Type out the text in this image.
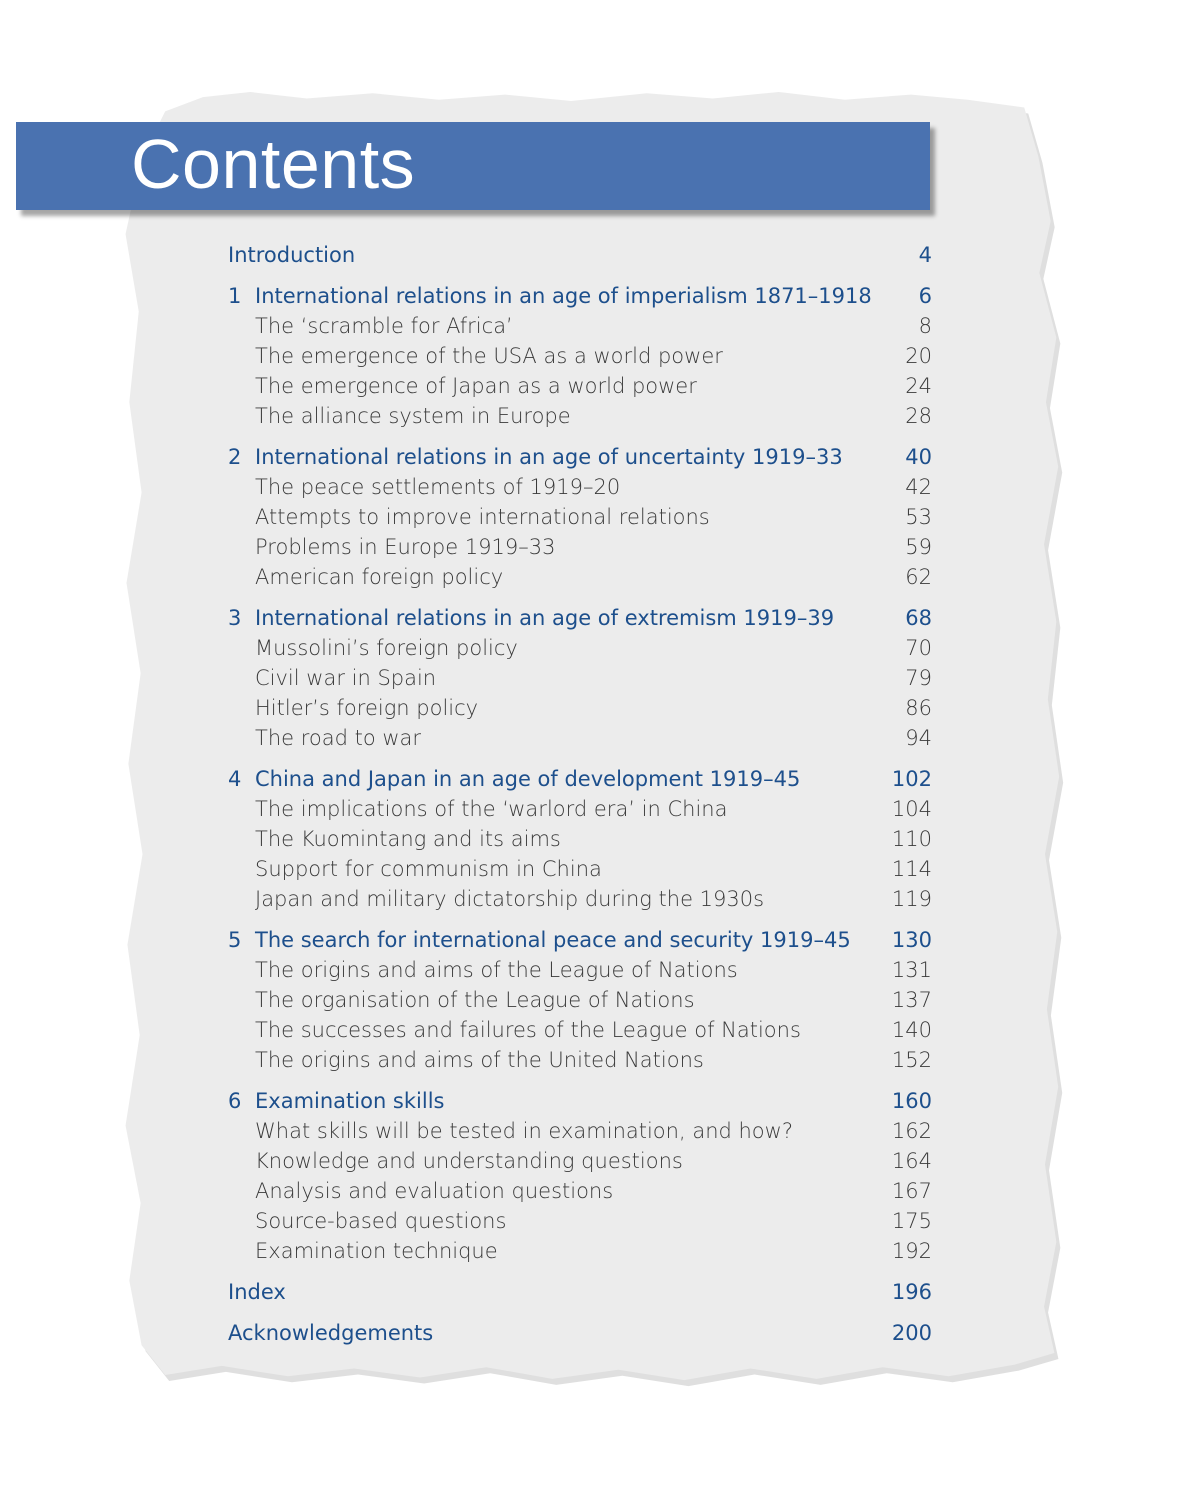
Contents
Introduction	4
1 International relations in an age of imperialism 1871–1918 6
The ‘scramble for Africa’	8
The emergence of the USA as a world power	20
The emergence of Japan as a world power	24
The alliance system in Europe	28
2 International relations in an age of uncertainty 1919–33	40
The peace settlements of 1919–20	42
Attempts to improve international relations	53
Problems in Europe 1919–33	59
American foreign policy	62
3 International relations in an age of extremism 1919–39	68
Mussolini’s foreign policy	70
Civil war in Spain	79
Hitler’s foreign policy	86
The road to war	94
4 China and Japan in an age of development 1919–45	102
The implications of the ‘warlord era’ in China	104
The Kuomintang and its aims	110
Support for communism in China	114
Japan and military dictatorship during the 1930s	119
5 The search for international peace and security 1919–45 130
The origins and aims of the League of Nations	131
The organisation of the League of Nations	137
The successes and failures of the League of Nations	140
The origins and aims of the United Nations	152
6 Examination skills	160
What skills will be tested in examination, and how?	162
Knowledge and understanding questions	164
Analysis and evaluation questions	167
Source-based questions	175
Examination technique	192
Index	196
Acknowledgements	200
